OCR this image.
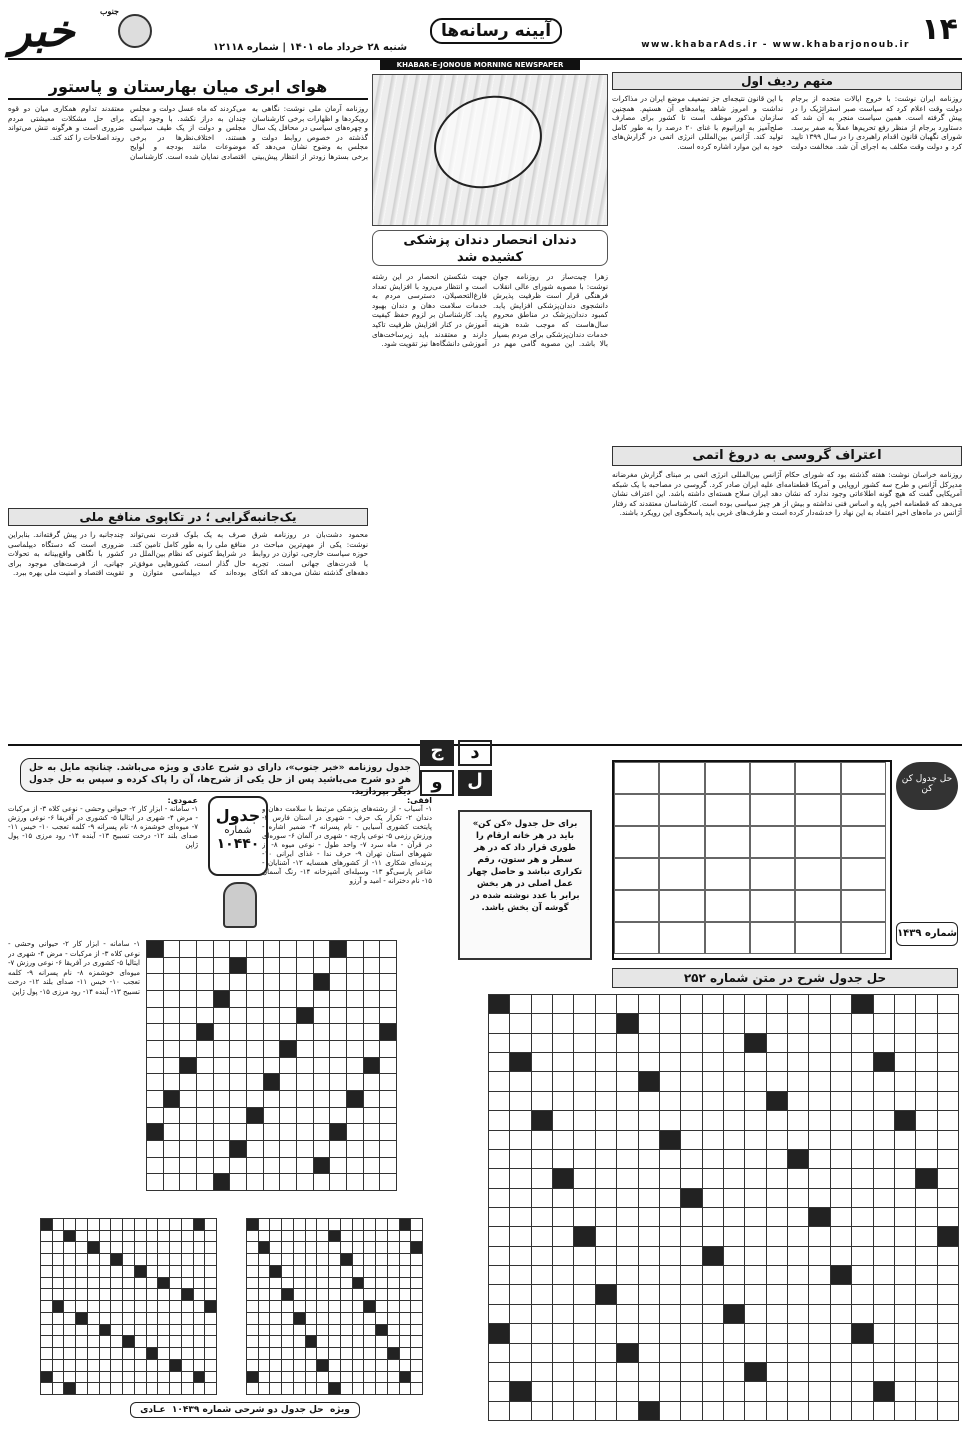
۱۴
www.khabarAds.ir - www.khabarjonoub.ir
آیینه رسانه‌ها
شنبه ۲۸ خرداد ماه ۱۴۰۱ | شماره ۱۲۱۱۸
خبر	جنوب
KHABAR-E-JONOUB MORNING NEWSPAPER
متهم ردیف اول
روزنامه ایران نوشت: با خروج ایالات متحده از برجام دولت وقت اعلام کرد که سیاست صبر استراتژیک را در پیش گرفته است. همین سیاست منجر به آن شد که دستاورد برجام از منظر رفع تحریم‌ها عملاً به صفر برسد. شورای نگهبان قانون اقدام راهبردی را در سال ۱۳۹۹ تایید کرد و دولت وقت مکلف به اجرای آن شد. مخالفت دولت با این قانون نتیجه‌ای جز تضعیف موضع ایران در مذاکرات نداشت و امروز شاهد پیامدهای آن هستیم. همچنین سازمان مذکور موظف است تا کشور برای مصارف صلح‌آمیز به اورانیوم با غنای ۲۰ درصد را به طور کامل تولید کند. آژانس بین‌المللی انرژی اتمی در گزارش‌های خود به این موارد اشاره کرده است.
اعتراف گروسی به دروغ اتمی
روزنامه خراسان نوشت: هفته گذشته بود که شورای حکام آژانس بین‌المللی انرژی اتمی بر مبنای گزارش مغرضانه مدیرکل آژانس و طرح سه کشور اروپایی و آمریکا قطعنامه‌ای علیه ایران صادر کرد. گروسی در مصاحبه با یک شبکه آمریکایی گفت که هیچ گونه اطلاعاتی وجود ندارد که نشان دهد ایران سلاح هسته‌ای داشته باشد. این اعتراف نشان می‌دهد که قطعنامه اخیر پایه و اساس فنی نداشته و بیش از هر چیز سیاسی بوده است. کارشناسان معتقدند که رفتار آژانس در ماه‌های اخیر اعتماد به این نهاد را خدشه‌دار کرده است و طرف‌های غربی باید پاسخگوی این رویکرد باشند.
دندان انحصار دندان پزشکی کشیده شد
زهرا چیت‌ساز در روزنامه جوان نوشت: با مصوبه شورای عالی انقلاب فرهنگی قرار است ظرفیت پذیرش دانشجوی دندان‌پزشکی افزایش یابد. کمبود دندان‌پزشک در مناطق محروم سال‌هاست که موجب شده هزینه خدمات دندان‌پزشکی برای مردم بسیار بالا باشد. این مصوبه گامی مهم در جهت شکستن انحصار در این رشته است و انتظار می‌رود با افزایش تعداد فارغ‌التحصیلان، دسترسی مردم به خدمات سلامت دهان و دندان بهبود یابد. کارشناسان بر لزوم حفظ کیفیت آموزش در کنار افزایش ظرفیت تاکید دارند و معتقدند باید زیرساخت‌های آموزشی دانشگاه‌ها نیز تقویت شود.
هوای ابری میان بهارستان و پاستور
روزنامه آرمان ملی نوشت: نگاهی به رویکردها و اظهارات برخی کارشناسان و چهره‌های سیاسی در محافل یک سال گذشته در خصوص روابط دولت و مجلس به وضوح نشان می‌دهد که برخی بسترها زودتر از انتظار پیش‌بینی می‌کردند که ماه عسل دولت و مجلس چندان به دراز نکشد. با وجود اینکه مجلس و دولت از یک طیف سیاسی هستند، اختلاف‌نظرها در برخی موضوعات مانند بودجه و لوایح اقتصادی نمایان شده است. کارشناسان معتقدند تداوم همکاری میان دو قوه برای حل مشکلات معیشتی مردم ضروری است و هرگونه تنش می‌تواند روند اصلاحات را کند کند.
یک‌جانبه‌گرایی ؛ در تکاپوی منافع ملی
محمود دشت‌بان در روزنامه شرق نوشت: یکی از مهم‌ترین مباحث در حوزه سیاست خارجی، توازن در روابط با قدرت‌های جهانی است. تجربه دهه‌های گذشته نشان می‌دهد که اتکای صرف به یک بلوک قدرت نمی‌تواند منافع ملی را به طور کامل تامین کند. در شرایط کنونی که نظام بین‌الملل در حال گذار است، کشورهایی موفق‌تر بوده‌اند که دیپلماسی متوازن و چندجانبه را در پیش گرفته‌اند. بنابراین ضروری است که دستگاه دیپلماسی کشور با نگاهی واقع‌بینانه به تحولات جهانی، از فرصت‌های موجود برای تقویت اقتصاد و امنیت ملی بهره ببرد.
ج	د
و	ل
جدول روزنامه «خبر جنوب»، دارای دو شرح عادی و ویژه می‌باشد. چنانچه مایل به حل هر دو شرح می‌باشید پس از حل یکی از شرح‌ها، آن را پاک کرده و سپس به حل جدول دیگر بپردازید.
افقی:
۱- آسیاب - از رشته‌های پزشکی مرتبط با سلامت دهان و دندان ۲- تکرار یک حرف - شهری در استان فارس ۳- پایتخت کشوری آسیایی - نام پسرانه ۴- ضمیر اشاره - ورزش رزمی ۵- نوعی پارچه - شهری در آلمان ۶- سوره‌ای در قرآن - ماه سرد ۷- واحد طول - نوعی میوه ۸- از شهرهای استان تهران ۹- حرف ندا - غذای ایرانی ۱۰- پرنده‌ای شکاری ۱۱- از کشورهای همسایه ۱۲- آشنایان - شاعر پارسی‌گو ۱۳- وسیله‌ای آشپزخانه ۱۴- رنگ آسمان ۱۵- نام دخترانه - امید و آرزو
جدول
شماره
۱۰۴۴۰
عمودی:
۱- سامانه - ابزار کار ۲- حیوانی وحشی - نوعی کلاه ۳- از مرکبات - مرض ۴- شهری در ایتالیا ۵- کشوری در آفریقا ۶- نوعی ورزش ۷- میوه‌ای خوشمزه ۸- نام پسرانه ۹- کلمه تعجب ۱۰- خیس ۱۱- صدای بلند ۱۲- درخت تسبیح ۱۳- آینده ۱۴- رود مرزی ۱۵- پول ژاپن
۱- سامانه - ابزار کار ۲- حیوانی وحشی - نوعی کلاه ۳- از مرکبات - مرض ۴- شهری در ایتالیا ۵- کشوری در آفریقا ۶- نوعی ورزش ۷- میوه‌ای خوشمزه ۸- نام پسرانه ۹- کلمه تعجب ۱۰- خیس ۱۱- صدای بلند ۱۲- درخت تسبیح ۱۳- آینده ۱۴- رود مرزی ۱۵- پول ژاپن
ویژه  حل جدول دو شرحی شماره ۱۰۴۳۹  عـادی
برای حل جدول «کن کن» باید در هر خانه ارقام را طوری قرار داد که در هر سطر و هر ستون، رقم تکراری نباشد و حاصل چهار عمل اصلی در هر بخش برابر با عدد نوشته شده در گوشه آن بخش باشد.
حل جدول کن کن
شماره ۱۴۳۹
حل جدول شرح در متن شماره ۲۵۲
